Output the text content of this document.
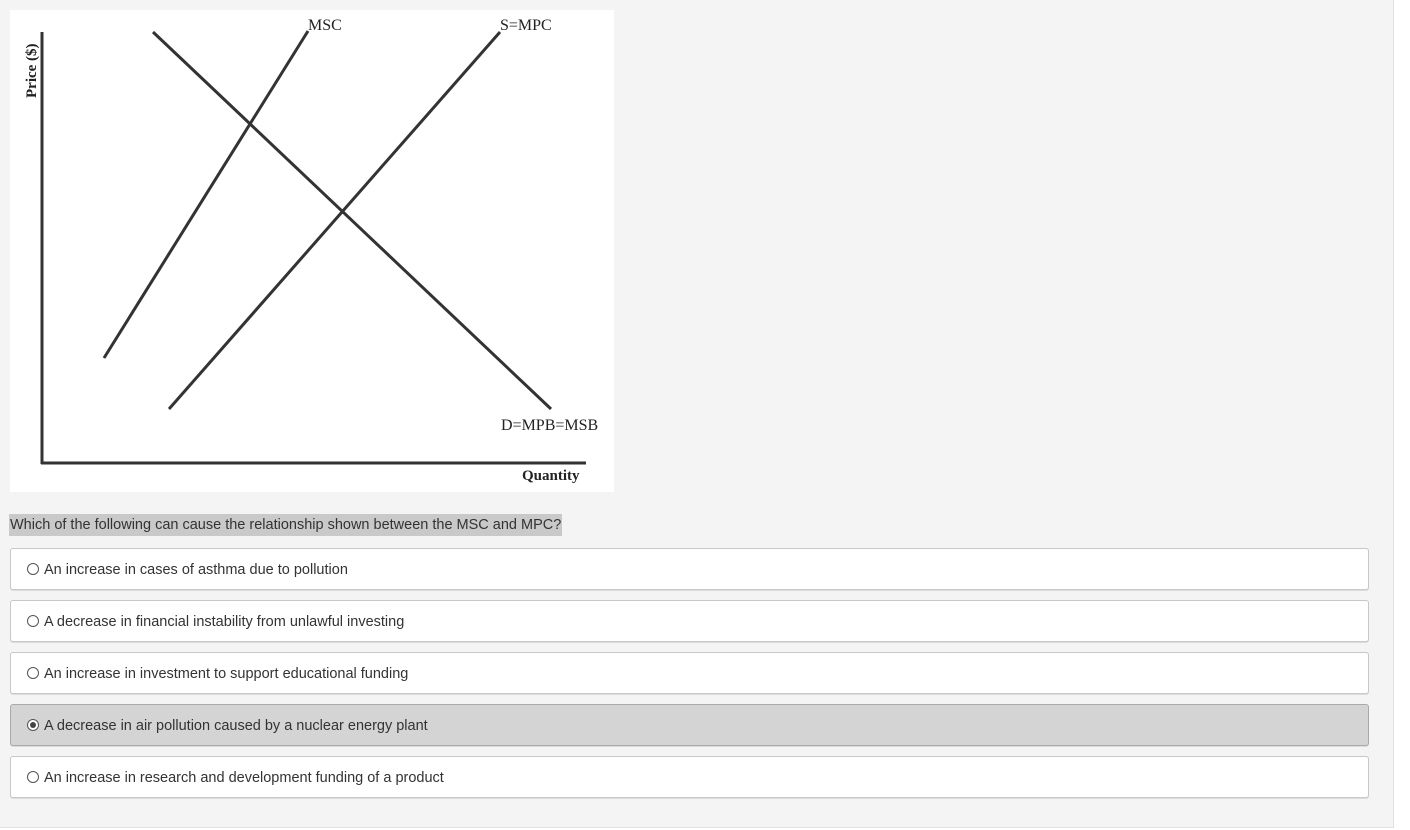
MSC	S=MPC
D=MPB=MSB
Quantity
Price ($)
Which of the following can cause the relationship shown between the MSC and MPC?
An increase in cases of asthma due to pollution
A decrease in financial instability from unlawful investing
An increase in investment to support educational funding
A decrease in air pollution caused by a nuclear energy plant
An increase in research and development funding of a product
